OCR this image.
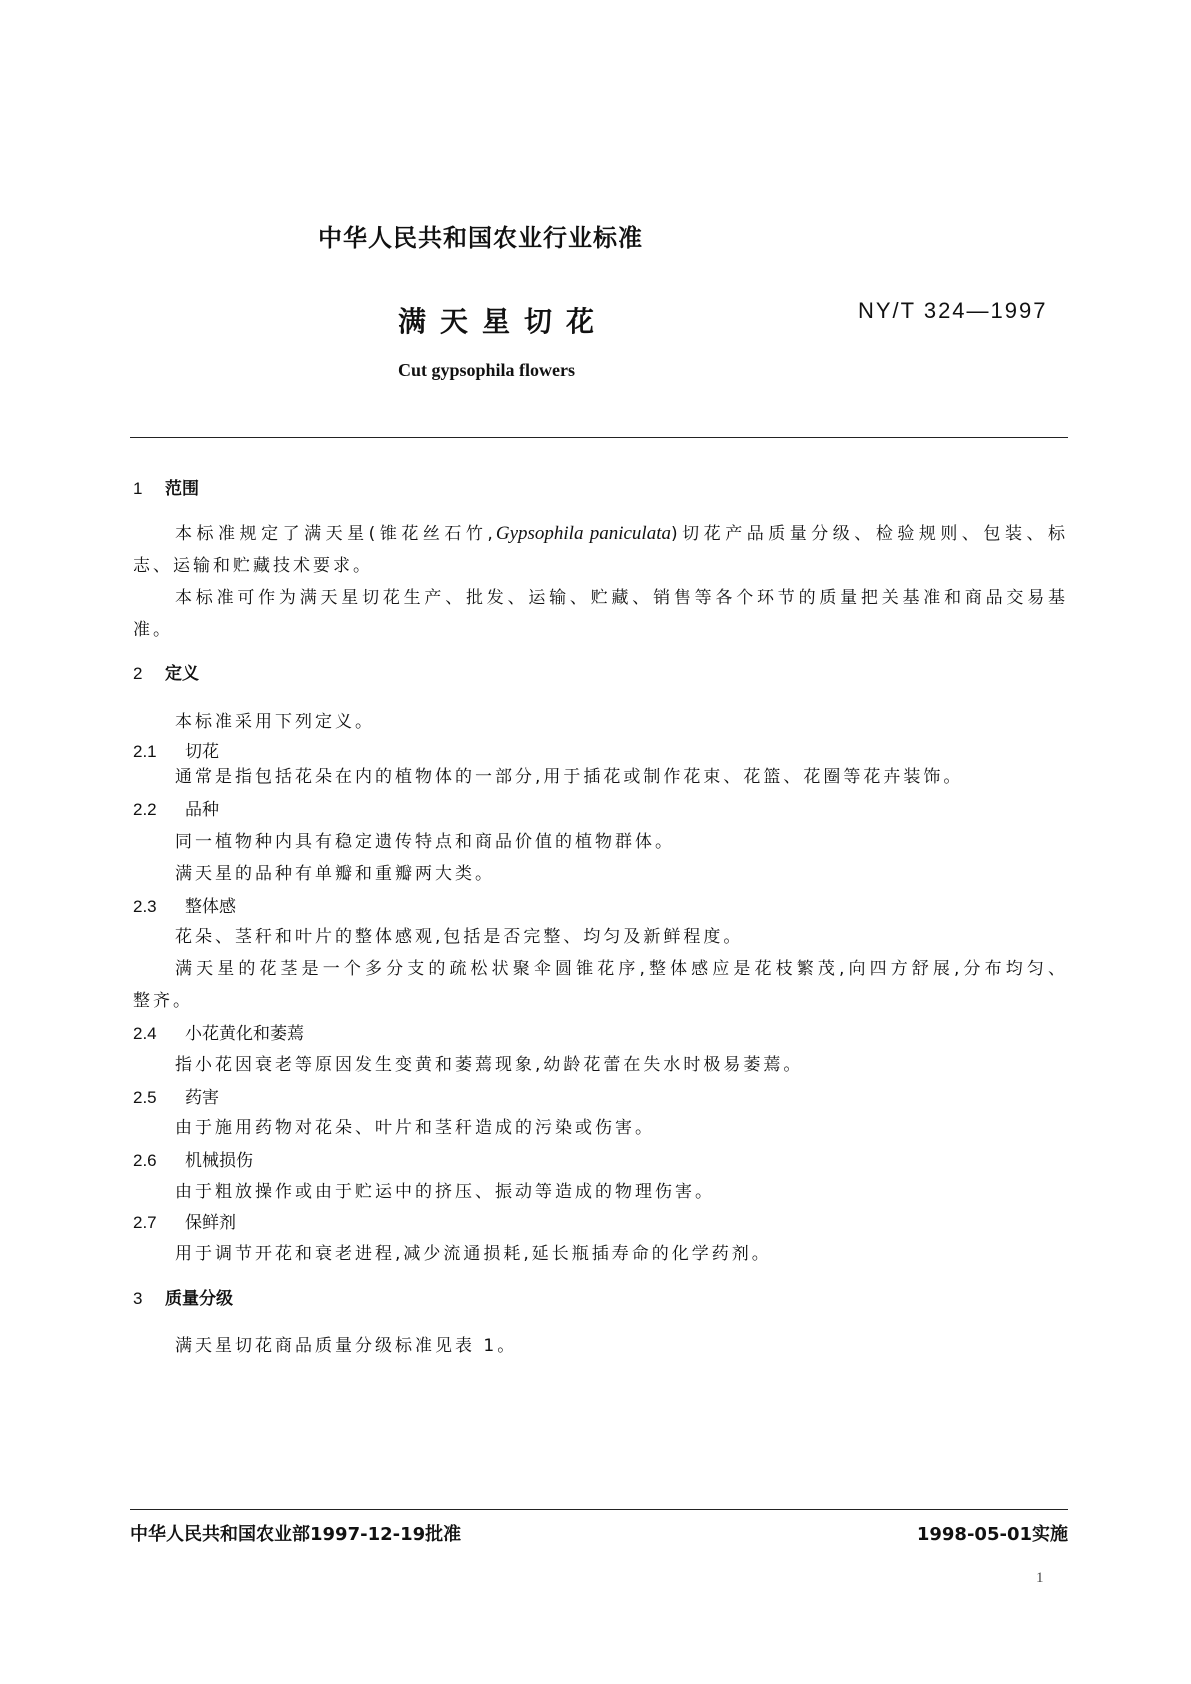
中华人民共和国农业行业标准
满天星切花	NY/T 324—1997
Cut gypsophila flowers
1 范围
本标准规定了满天星(锥花丝石竹,Gypsophila paniculata)切花产品质量分级、检验规则、包装、标
志、运输和贮藏技术要求。
本标准可作为满天星切花生产、批发、运输、贮藏、销售等各个环节的质量把关基准和商品交易基
准。
2 定义
本标准采用下列定义。
2.1 切花
通常是指包括花朵在内的植物体的一部分,用于插花或制作花束、花篮、花圈等花卉装饰。
2.2 品种
同一植物种内具有稳定遗传特点和商品价值的植物群体。
满天星的品种有单瓣和重瓣两大类。
2.3 整体感
花朵、茎秆和叶片的整体感观,包括是否完整、均匀及新鲜程度。
满天星的花茎是一个多分支的疏松状聚伞圆锥花序,整体感应是花枝繁茂,向四方舒展,分布均匀、
整齐。
2.4 小花黄化和萎蔫
指小花因衰老等原因发生变黄和萎蔫现象,幼龄花蕾在失水时极易萎蔫。
2.5 药害
由于施用药物对花朵、叶片和茎秆造成的污染或伤害。
2.6 机械损伤
由于粗放操作或由于贮运中的挤压、振动等造成的物理伤害。
2.7 保鲜剂
用于调节开花和衰老进程,减少流通损耗,延长瓶插寿命的化学药剂。
3 质量分级
满天星切花商品质量分级标准见表 1。
中华人民共和国农业部1997-12-19批准	1998-05-01实施
1
